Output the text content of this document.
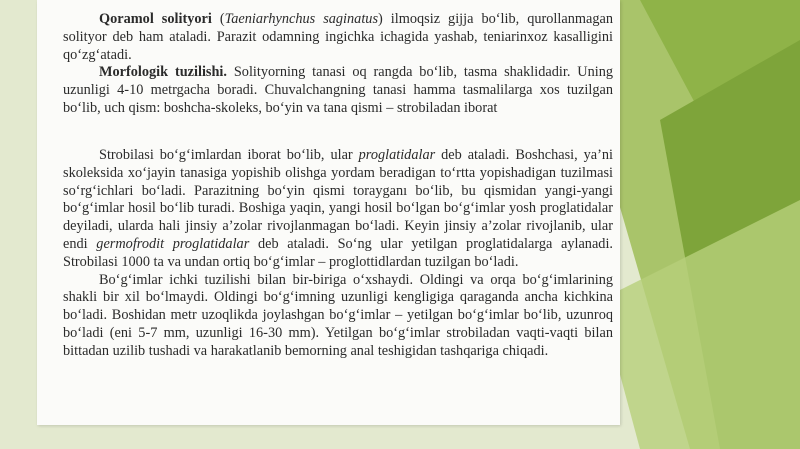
Qoramol solityori (Taeniarhynchus saginatus) ilmoqsiz gijja bo‘lib, qurollanmagan solityor deb ham ataladi. Parazit odamning ingichka ichagida yashab, teniarinxoz kasalligini qo‘zg‘atadi.

Morfologik tuzilishi. Solityorning tanasi oq rangda bo‘lib, tasma shaklidadir. Uning uzunligi 4-10 metrgacha boradi. Chuvalchangning tanasi hamma tasmalilarga xos tuzilgan bo‘lib, uch qism: boshcha-skoleks, bo‘yin va tana qismi – strobiladan iborat

Strobilasi bo‘g‘imlardan iborat bo‘lib, ular proglatidalar deb ataladi. Boshchasi, ya’ni skoleksida xo‘jayin tanasiga yopishib olishga yordam beradigan to‘rtta yopishadigan tuzilmasi so‘rg‘ichlari bo‘ladi. Parazitning bo‘yin qismi torayganı bo‘lib, bu qismidan yangi-yangi bo‘g‘imlar hosil bo‘lib turadi. Boshiga yaqin, yangi hosil bo‘lgan bo‘g‘imlar yosh proglatidalar deyiladi, ularda hali jinsiy a’zolar rivojlanmagan bo‘ladi. Keyin jinsiy a’zolar rivojlanib, ular endi germofrodit proglatidalar deb ataladi. So‘ng ular yetilgan proglatidalarga aylanadi. Strobilasi 1000 ta va undan ortiq bo‘g‘imlar – proglottidlardan tuzilgan bo‘ladi.

Bo‘g‘imlar ichki tuzilishi bilan bir-biriga o‘xshaydi. Oldingi va orqa bo‘g‘imlarining shakli bir xil bo‘lmaydi. Oldingi bo‘g‘imning uzunligi kengligiga qaraganda ancha kichkina bo‘ladi. Boshidan metr uzoqlikda joylashgan bo‘g‘imlar – yetilgan bo‘g‘imlar bo‘lib, uzunroq bo‘ladi (eni 5-7 mm, uzunligi 16-30 mm). Yetilgan bo‘g‘imlar strobiladan vaqti-vaqti bilan bittadan uzilib tushadi va harakatlanib bemorning anal teshigidan tashqariga chiqadi.
